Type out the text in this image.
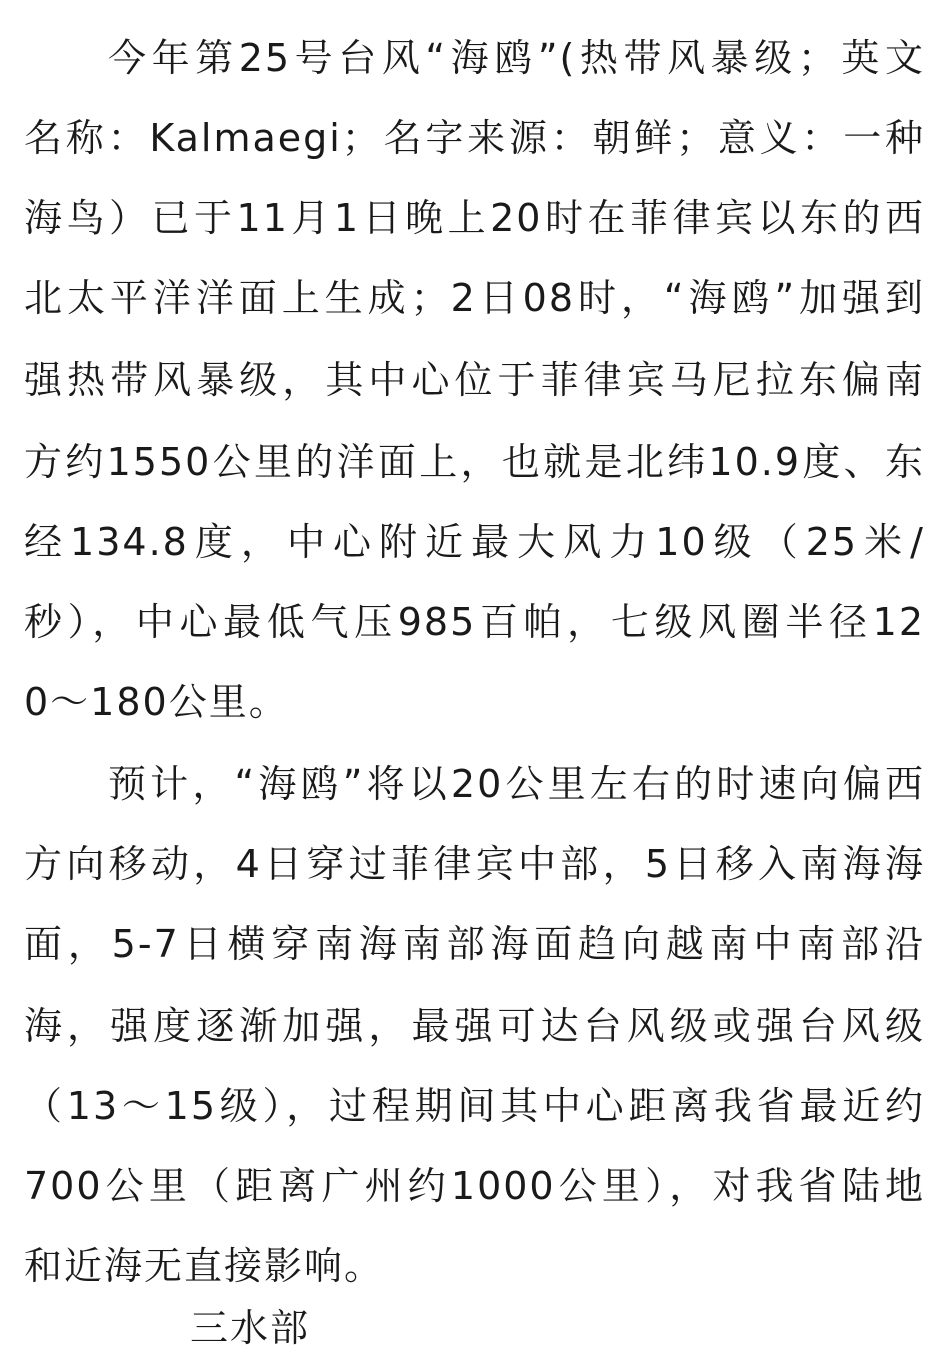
今年第25号台风“海鸥”(热带风暴级；英文
名称：Kalmaegi；名字来源：朝鲜；意义：一种
海鸟）已于11月1日晚上20时在菲律宾以东的西
北太平洋洋面上生成；2日08时，“海鸥”加强到
强热带风暴级，其中心位于菲律宾马尼拉东偏南
方约1550公里的洋面上，也就是北纬10.9度、东
经134.8度，中心附近最大风力10级（25米/
秒），中心最低气压985百帕，七级风圈半径12
0～180公里。
预计，“海鸥”将以20公里左右的时速向偏西
方向移动，4日穿过菲律宾中部，5日移入南海海
面，5-7日横穿南海南部海面趋向越南中南部沿
海，强度逐渐加强，最强可达台风级或强台风级
（13～15级），过程期间其中心距离我省最近约
700公里（距离广州约1000公里），对我省陆地
和近海无直接影响。
三水部
